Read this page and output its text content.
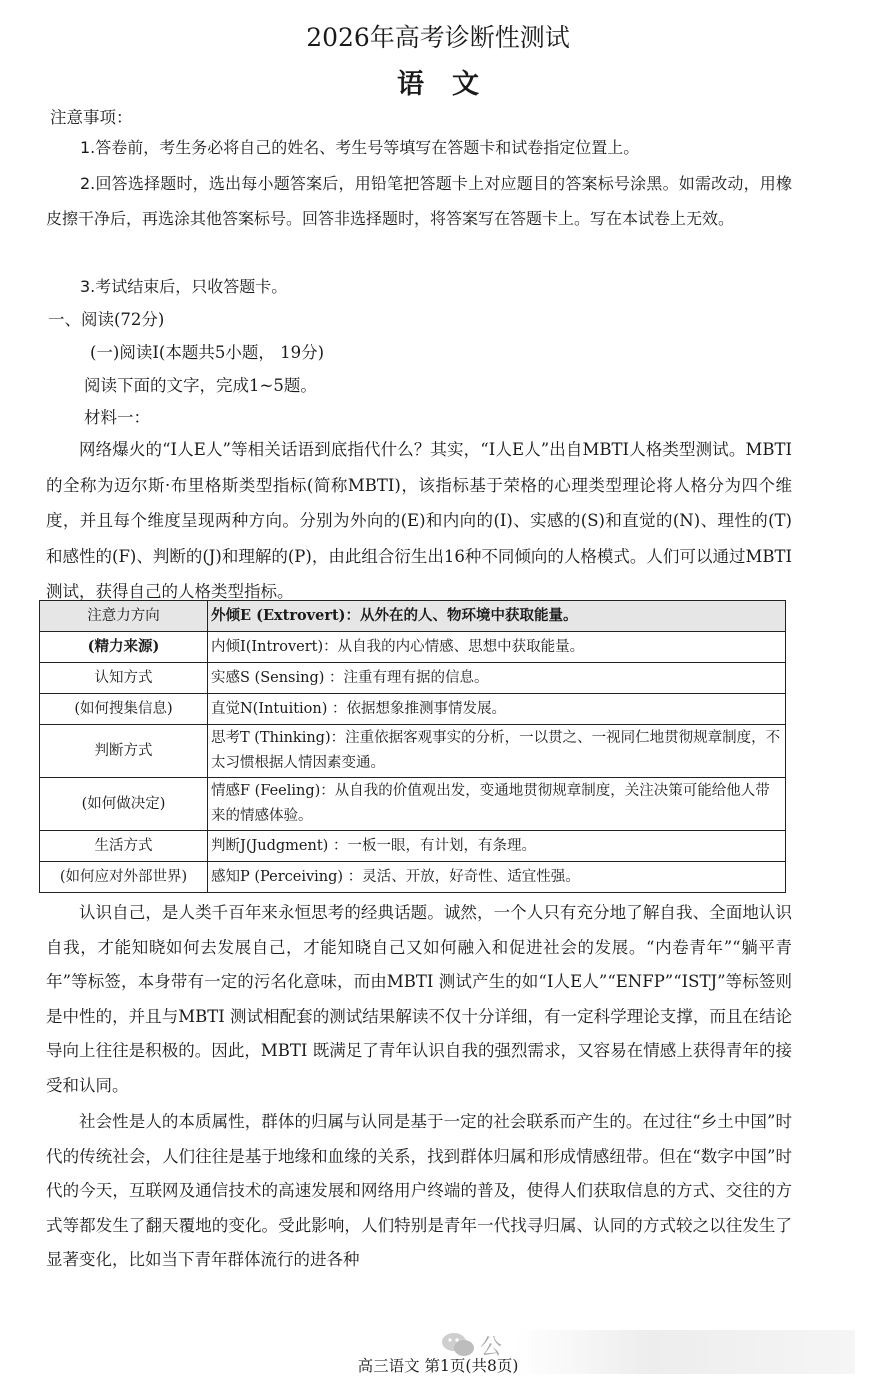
2026年高考诊断性测试
语文
注意事项：
1.答卷前，考生务必将自己的姓名、考生号等填写在答题卡和试卷指定位置上。
2.回答选择题时，选出每小题答案后，用铅笔把答题卡上对应题目的答案标号涂黑。如需改动，用橡皮擦干净后，再选涂其他答案标号。回答非选择题时，将答案写在答题卡上。写在本试卷上无效。
3.考试结束后，只收答题卡。
一、阅读(72分)
(一)阅读Ⅰ(本题共5小题， 19分)
阅读下面的文字，完成1~5题。
材料一：
网络爆火的“I人E人”等相关话语到底指代什么？其实，“I人E人”出自MBTI人格类型测试。MBTI的全称为迈尔斯·布里格斯类型指标(简称MBTI)，该指标基于荣格的心理类型理论将人格分为四个维度，并且每个维度呈现两种方向。分别为外向的(E)和内向的(I)、实感的(S)和直觉的(N)、理性的(T)和感性的(F)、判断的(J)和理解的(P)，由此组合衍生出16种不同倾向的人格模式。人们可以通过MBTI 测试，获得自己的人格类型指标。
注意力方向	外倾E (Extrovert)：从外在的人、物环境中获取能量。
(精力来源)	内倾I(Introvert)：从自我的内心情感、思想中获取能量。
认知方式	实感S (Sensing) ：注重有理有据的信息。
(如何搜集信息)	直觉N(Intuition) ：依据想象推测事情发展。
判断方式	思考T (Thinking)：注重依据客观事实的分析，一以贯之、一视同仁地贯彻规章制度，不太习惯根据人情因素变通。
(如何做决定)	情感F (Feeling)：从自我的价值观出发，变通地贯彻规章制度，关注决策可能给他人带来的情感体验。
生活方式	判断J(Judgment) ：一板一眼，有计划，有条理。
(如何应对外部世界)	感知P (Perceiving) ：灵活、开放，好奇性、适宜性强。
认识自己，是人类千百年来永恒思考的经典话题。诚然，一个人只有充分地了解自我、全面地认识自我，才能知晓如何去发展自己，才能知晓自己又如何融入和促进社会的发展。“内卷青年”“躺平青年”等标签，本身带有一定的污名化意味，而由MBTI 测试产生的如“I人E人”“ENFP”“ISTJ”等标签则是中性的，并且与MBTI 测试相配套的测试结果解读不仅十分详细，有一定科学理论支撑，而且在结论导向上往往是积极的。因此，MBTI 既满足了青年认识自我的强烈需求，又容易在情感上获得青年的接受和认同。
社会性是人的本质属性，群体的归属与认同是基于一定的社会联系而产生的。在过往“乡土中国”时代的传统社会，人们往往是基于地缘和血缘的关系，找到群体归属和形成情感纽带。但在“数字中国”时代的今天，互联网及通信技术的高速发展和网络用户终端的普及，使得人们获取信息的方式、交往的方式等都发生了翻天覆地的变化。受此影响，人们特别是青年一代找寻归属、认同的方式较之以往发生了显著变化，比如当下青年群体流行的进各种
公
高三语文 第1页(共8页)
